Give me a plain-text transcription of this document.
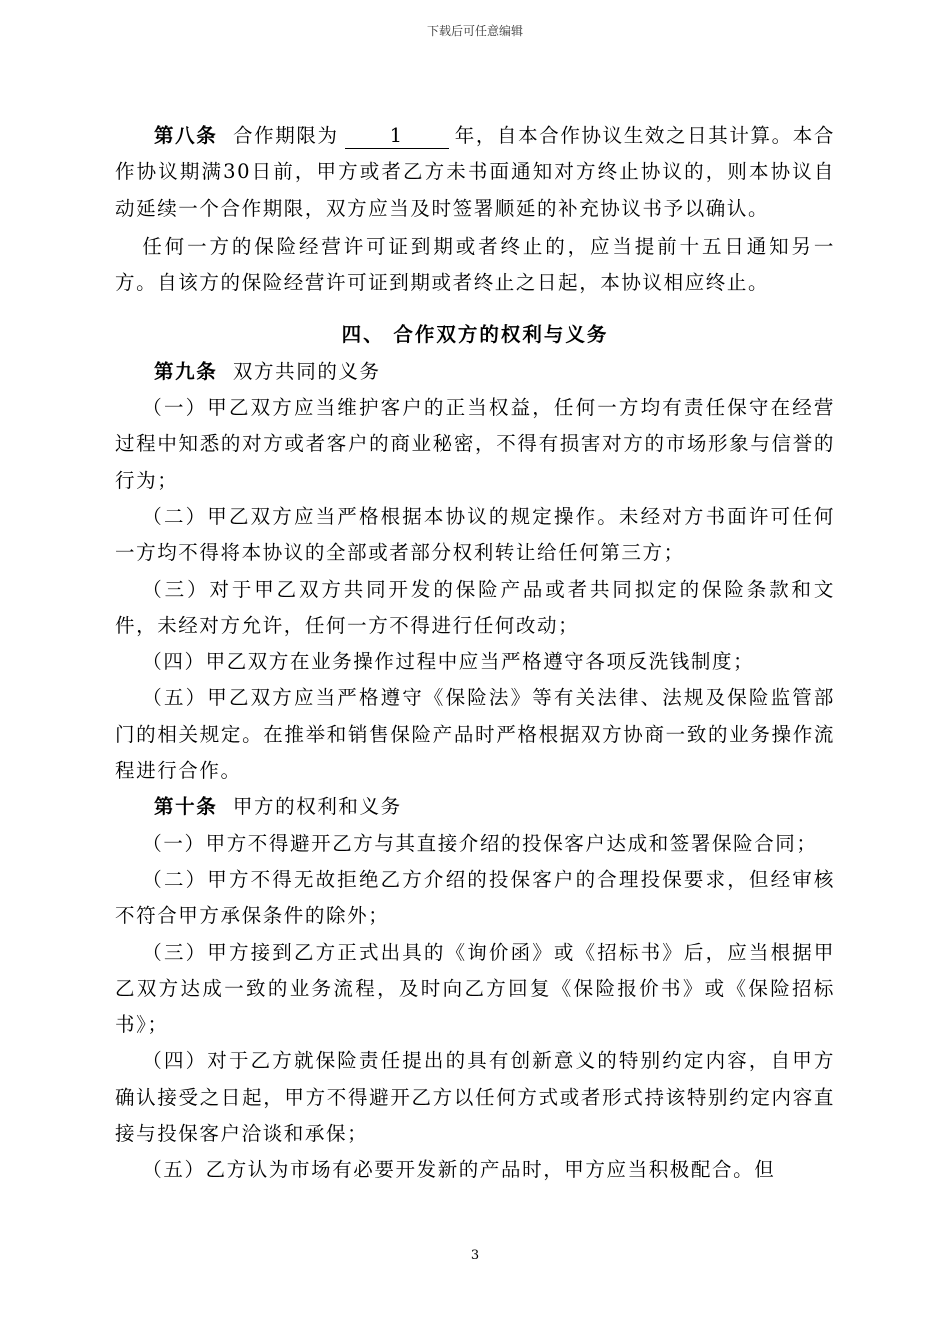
下载后可任意编辑

第八条 合作期限为	1	年，自本合作协议生效之日其计算。本合作协议期满30日前，甲方或者乙方未书面通知对方终止协议的，则本协议自动延续一个合作期限，双方应当及时签署顺延的补充协议书予以确认。

任何一方的保险经营许可证到期或者终止的，应当提前十五日通知另一方。自该方的保险经营许可证到期或者终止之日起，本协议相应终止。

四、 合作双方的权利与义务

第九条 双方共同的义务

（一）甲乙双方应当维护客户的正当权益，任何一方均有责任保守在经营过程中知悉的对方或者客户的商业秘密，不得有损害对方的市场形象与信誉的行为；

（二）甲乙双方应当严格根据本协议的规定操作。未经对方书面许可任何一方均不得将本协议的全部或者部分权利转让给任何第三方；

（三）对于甲乙双方共同开发的保险产品或者共同拟定的保险条款和文件，未经对方允许，任何一方不得进行任何改动；

（四）甲乙双方在业务操作过程中应当严格遵守各项反洗钱制度；

（五）甲乙双方应当严格遵守《保险法》等有关法律、法规及保险监管部门的相关规定。在推举和销售保险产品时严格根据双方协商一致的业务操作流程进行合作。

第十条 甲方的权利和义务

（一）甲方不得避开乙方与其直接介绍的投保客户达成和签署保险合同；

（二）甲方不得无故拒绝乙方介绍的投保客户的合理投保要求，但经审核不符合甲方承保条件的除外；

（三）甲方接到乙方正式出具的《询价函》或《招标书》后，应当根据甲乙双方达成一致的业务流程，及时向乙方回复《保险报价书》或《保险招标书》；

（四）对于乙方就保险责任提出的具有创新意义的特别约定内容，自甲方确认接受之日起，甲方不得避开乙方以任何方式或者形式持该特别约定内容直接与投保客户洽谈和承保；

（五）乙方认为市场有必要开发新的产品时，甲方应当积极配合。但

3
